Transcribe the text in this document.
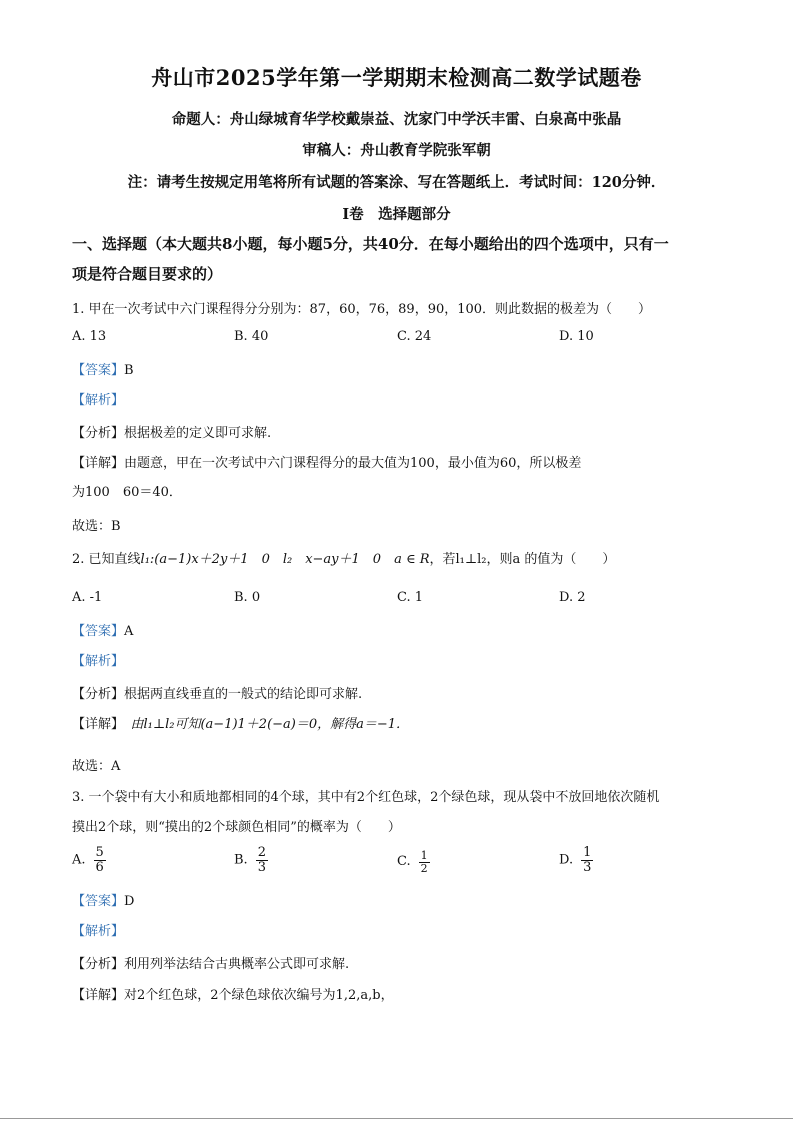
舟山市2025学年第一学期期末检测高二数学试题卷
命题人：舟山绿城育华学校戴崇益、沈家门中学沃丰雷、白泉高中张晶
审稿人：舟山教育学院张军朝
注：请考生按规定用笔将所有试题的答案涂、写在答题纸上．考试时间：120分钟．
I卷　选择题部分
一、选择题（本大题共8小题，每小题5分，共40分．在每小题给出的四个选项中，只有一
项是符合题目要求的）
1. 甲在一次考试中六门课程得分分别为：87，60，76，89，90，100．则此数据的极差为（　　）
A. 13	B. 40	C. 24	D. 10
【答案】B
【解析】
【分析】根据极差的定义即可求解.
【详解】由题意，甲在一次考试中六门课程得分的最大值为100，最小值为60，所以极差
为100　60＝40．
故选：B
2. 已知直线l₁:(a−1)x＋2y＋1　0　l₂　x−ay＋1　0　a ∈ R，若l₁⊥l₂，则a 的值为（　　）
A. -1	B. 0	C. 1	D. 2
【答案】A
【解析】
【分析】根据两直线垂直的一般式的结论即可求解.
【详解】　由l₁⊥l₂可知(a−1)1＋2(−a)＝0，解得a＝−1．
故选：A
3. 一个袋中有大小和质地都相同的4个球，其中有2个红色球，2个绿色球，现从袋中不放回地依次随机
摸出2个球，则“摸出的2个球颜色相同”的概率为（　　）
A. $\frac{5}{6}$	B. $\frac{2}{3}$	C. $\frac{1}{2}$	D. $\frac{1}{3}$
【答案】D
【解析】
【分析】利用列举法结合古典概率公式即可求解.
【详解】对2个红色球，2个绿色球依次编号为1,2,a,b，
